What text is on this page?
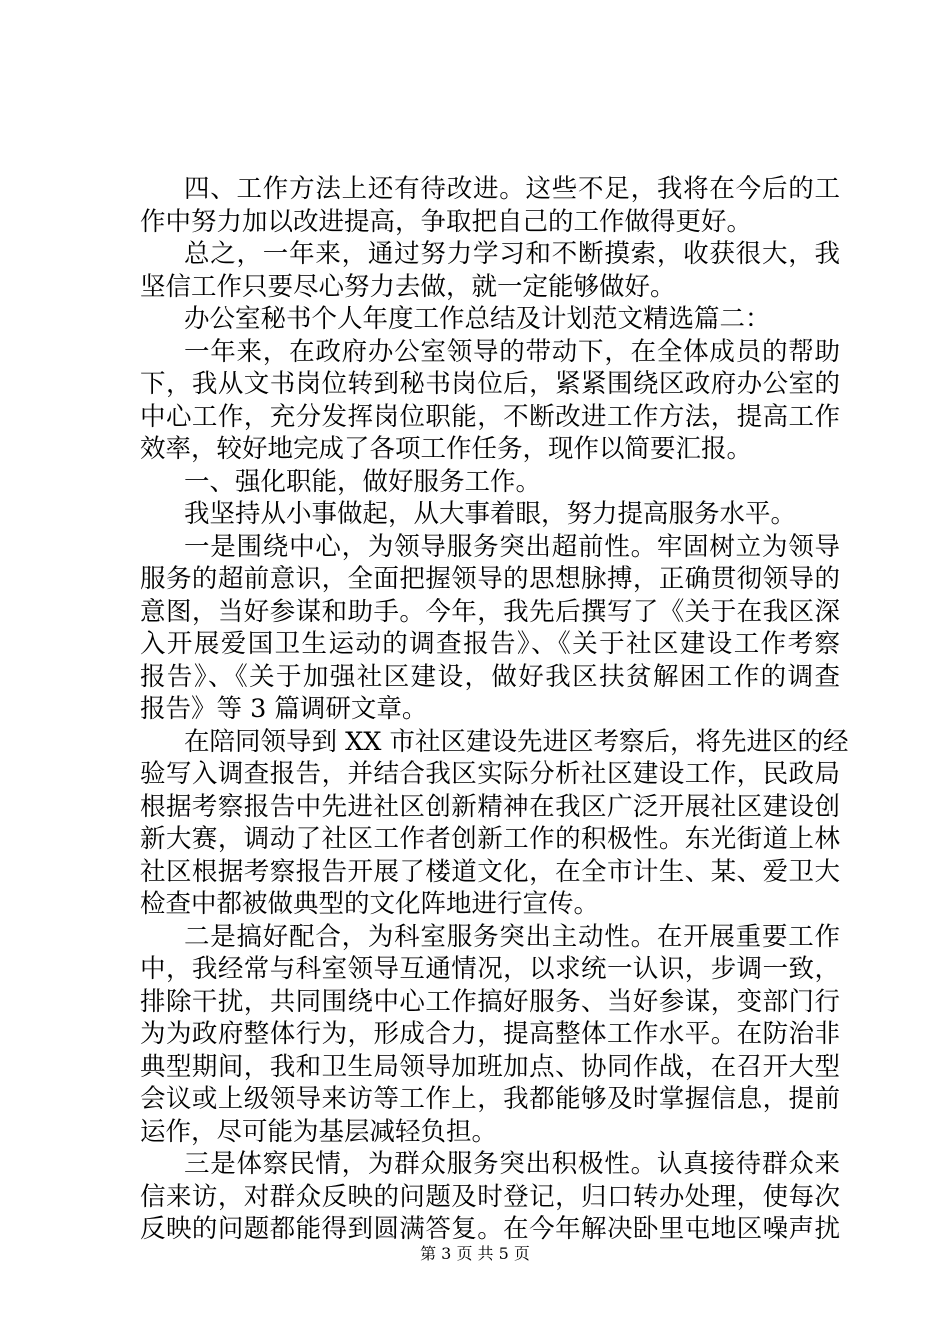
四、工作方法上还有待改进。这些不足，我将在今后的工
作中努力加以改进提高，争取把自己的工作做得更好。
总之，一年来，通过努力学习和不断摸索，收获很大，我
坚信工作只要尽心努力去做，就一定能够做好。
办公室秘书个人年度工作总结及计划范文精选篇二：
一年来，在政府办公室领导的带动下，在全体成员的帮助
下，我从文书岗位转到秘书岗位后，紧紧围绕区政府办公室的
中心工作，充分发挥岗位职能，不断改进工作方法，提高工作
效率，较好地完成了各项工作任务，现作以简要汇报。
一、强化职能，做好服务工作。
我坚持从小事做起，从大事着眼，努力提高服务水平。
一是围绕中心，为领导服务突出超前性。牢固树立为领导
服务的超前意识，全面把握领导的思想脉搏，正确贯彻领导的
意图，当好参谋和助手。今年，我先后撰写了《关于在我区深
入开展爱国卫生运动的调查报告》、《关于社区建设工作考察
报告》、《关于加强社区建设，做好我区扶贫解困工作的调查
报告》等 3 篇调研文章。
在陪同领导到 XX 市社区建设先进区考察后，将先进区的经
验写入调查报告，并结合我区实际分析社区建设工作，民政局
根据考察报告中先进社区创新精神在我区广泛开展社区建设创
新大赛，调动了社区工作者创新工作的积极性。东光街道上林
社区根据考察报告开展了楼道文化，在全市计生、某、爱卫大
检查中都被做典型的文化阵地进行宣传。
二是搞好配合，为科室服务突出主动性。在开展重要工作
中，我经常与科室领导互通情况，以求统一认识，步调一致，
排除干扰，共同围绕中心工作搞好服务、当好参谋，变部门行
为为政府整体行为，形成合力，提高整体工作水平。在防治非
典型期间，我和卫生局领导加班加点、协同作战，在召开大型
会议或上级领导来访等工作上，我都能够及时掌握信息，提前
运作，尽可能为基层减轻负担。
三是体察民情，为群众服务突出积极性。认真接待群众来
信来访，对群众反映的问题及时登记，归口转办处理，使每次
反映的问题都能得到圆满答复。在今年解决卧里屯地区噪声扰
第 3 页 共 5 页
